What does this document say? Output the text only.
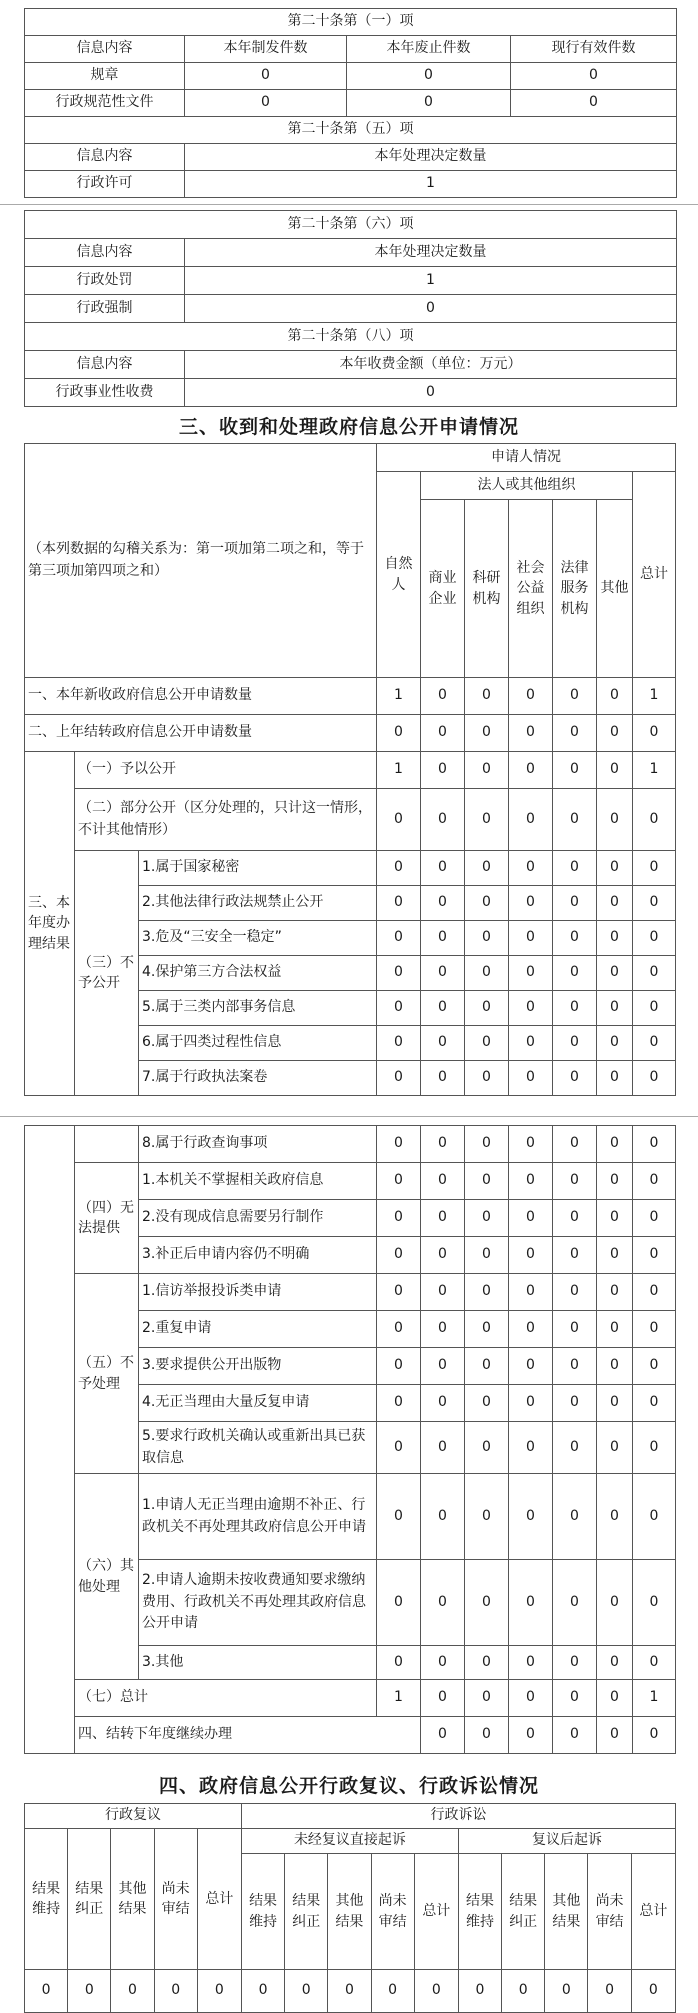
第二十条第（一）项			
信息内容	本年制发件数	本年废止件数	现行有效件数
规章	0	0	0
行政规范性文件	0	0	0
第二十条第（五）项			
信息内容	本年处理决定数量		
行政许可	1		
第二十条第（六）项	
信息内容	本年处理决定数量
行政处罚	1
行政强制	0
第二十条第（八）项	
信息内容	本年收费金额（单位：万元）
行政事业性收费	0
三、收到和处理政府信息公开申请情况
（本列数据的勾稽关系为：第一项加第二项之和，等于第三项加第四项之和）			申请人情况						
			自然人	法人或其他组织					总计
				商业企业	科研机构	社会公益组织	法律服务机构	其他	
一、本年新收政府信息公开申请数量			1	0	0	0	0	0	1
二、上年结转政府信息公开申请数量			0	0	0	0	0	0	0
三、本年度办理结果	（一）予以公开		1	0	0	0	0	0	1
	（二）部分公开（区分处理的，只计这一情形，不计其他情形）		0	0	0	0	0	0	0
	（三）不予公开	1.属于国家秘密	0	0	0	0	0	0	0
		2.其他法律行政法规禁止公开	0	0	0	0	0	0	0
		3.危及“三安全一稳定”	0	0	0	0	0	0	0
		4.保护第三方合法权益	0	0	0	0	0	0	0
		5.属于三类内部事务信息	0	0	0	0	0	0	0
		6.属于四类过程性信息	0	0	0	0	0	0	0
		7.属于行政执法案卷	0	0	0	0	0	0	0
		8.属于行政查询事项	0	0	0	0	0	0	0	
	（四）无法提供	1.本机关不掌握相关政府信息	0	0	0	0	0	0	0	
		2.没有现成信息需要另行制作	0	0	0	0	0	0	0	
		3.补正后申请内容仍不明确	0	0	0	0	0	0	0	
	（五）不予处理	1.信访举报投诉类申请	0	0	0	0	0	0	0	
		2.重复申请	0	0	0	0	0	0	0	
		3.要求提供公开出版物	0	0	0	0	0	0	0	
		4.无正当理由大量反复申请	0	0	0	0	0	0	0	
		5.要求行政机关确认或重新出具已获取信息	0	0	0	0	0	0	0	
	（六）其他处理	1.申请人无正当理由逾期不补正、行政机关不再处理其政府信息公开申请	0	0	0	0	0	0	0	
		2.申请人逾期未按收费通知要求缴纳费用、行政机关不再处理其政府信息公开申请	0	0	0	0	0	0	0	
		3.其他	0	0	0	0	0	0	0	
	（七）总计		1	0	0	0	0	0	1	
	四、结转下年度继续办理			0	0	0	0	0	0	
四、政府信息公开行政复议、行政诉讼情况
行政复议					行政诉讼									
结果维持	结果纠正	其他结果	尚未审结	总计	未经复议直接起诉					复议后起诉				
					结果维持	结果纠正	其他结果	尚未审结	总计	结果维持	结果纠正	其他结果	尚未审结	总计
0	0	0	0	0	0	0	0	0	0	0	0	0	0	0
